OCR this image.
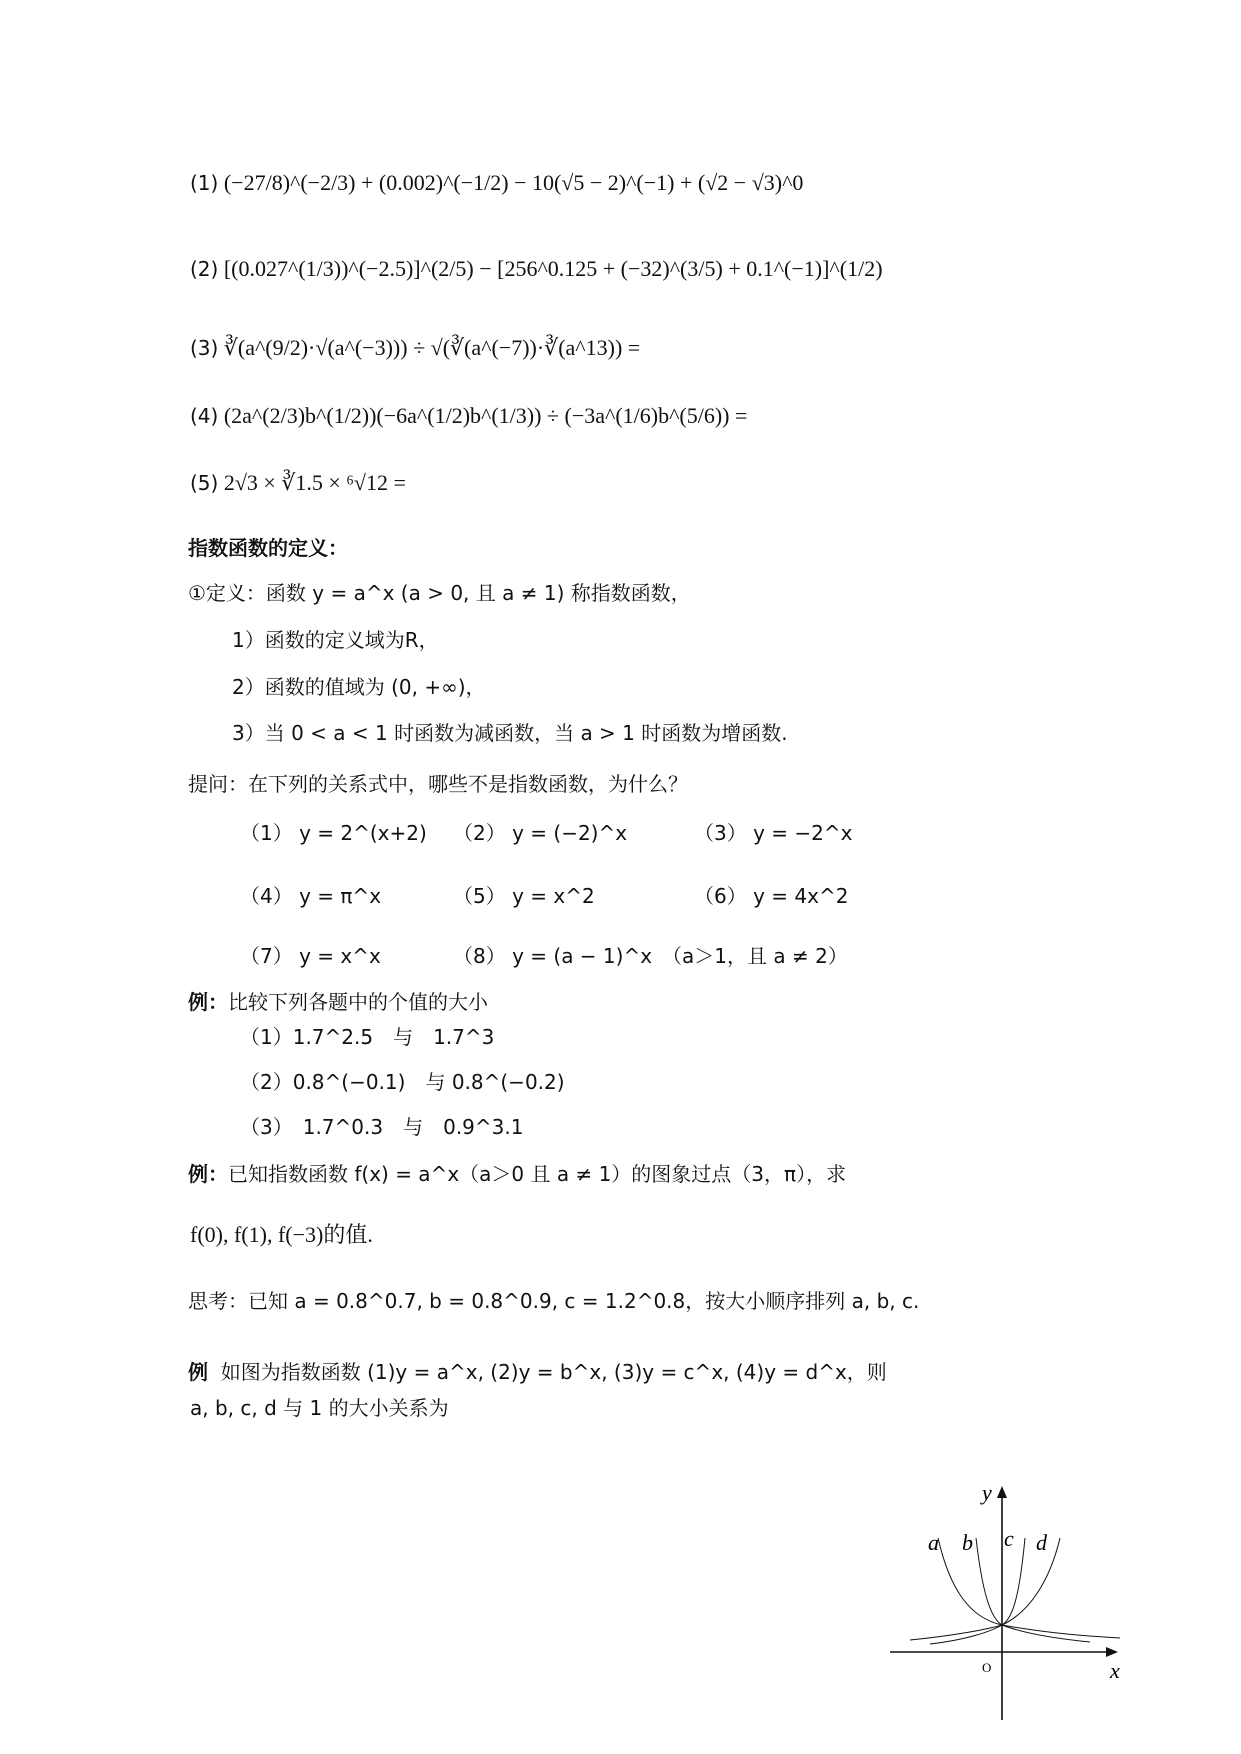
(1) (−27/8)^(−2/3) + (0.002)^(−1/2) − 10(√5 − 2)^(−1) + (√2 − √3)^0
(2) [(0.027^(1/3))^(−2.5)]^(2/5) − [256^0.125 + (−32)^(3/5) + 0.1^(−1)]^(1/2)
(3) ∛(a^(9/2)·√(a^(−3))) ÷ √(∛(a^(−7))·∛(a^13)) =
(4) (2a^(2/3)b^(1/2))(−6a^(1/2)b^(1/3)) ÷ (−3a^(1/6)b^(5/6)) =
(5) 2√3 × ∛1.5 × ⁶√12 =
指数函数的定义：
①定义：函数 y = a^x (a > 0, 且 a ≠ 1) 称指数函数，
1）函数的定义域为R，
2）函数的值域为 (0, +∞)，
3）当 0 < a < 1 时函数为减函数，当 a > 1 时函数为增函数.
提问：在下列的关系式中，哪些不是指数函数，为什么？
（1） y = 2^(x+2) （2） y = (−2)^x	（3） y = −2^x
（4） y = π^x	（5） y = x^2	（6） y = 4x^2
（7） y = x^x	（8） y = (a − 1)^x　（a＞1，且 a ≠ 2）
例：比较下列各题中的个值的大小
（1）1.7^2.5　与　1.7^3
（2）0.8^(−0.1)　与 0.8^(−0.2)
（3）　1.7^0.3　与　0.9^3.1
例：已知指数函数 f(x) = a^x（a＞0 且 a ≠ 1）的图象过点（3，π），求
f(0), f(1), f(−3)的值.
思考：已知 a = 0.8^0.7, b = 0.8^0.9, c = 1.2^0.8，按大小顺序排列 a, b, c.
例 如图为指数函数 (1)y = a^x, (2)y = b^x, (3)y = c^x, (4)y = d^x，则
a, b, c, d 与 1 的大小关系为
a b c d
y
x
O
